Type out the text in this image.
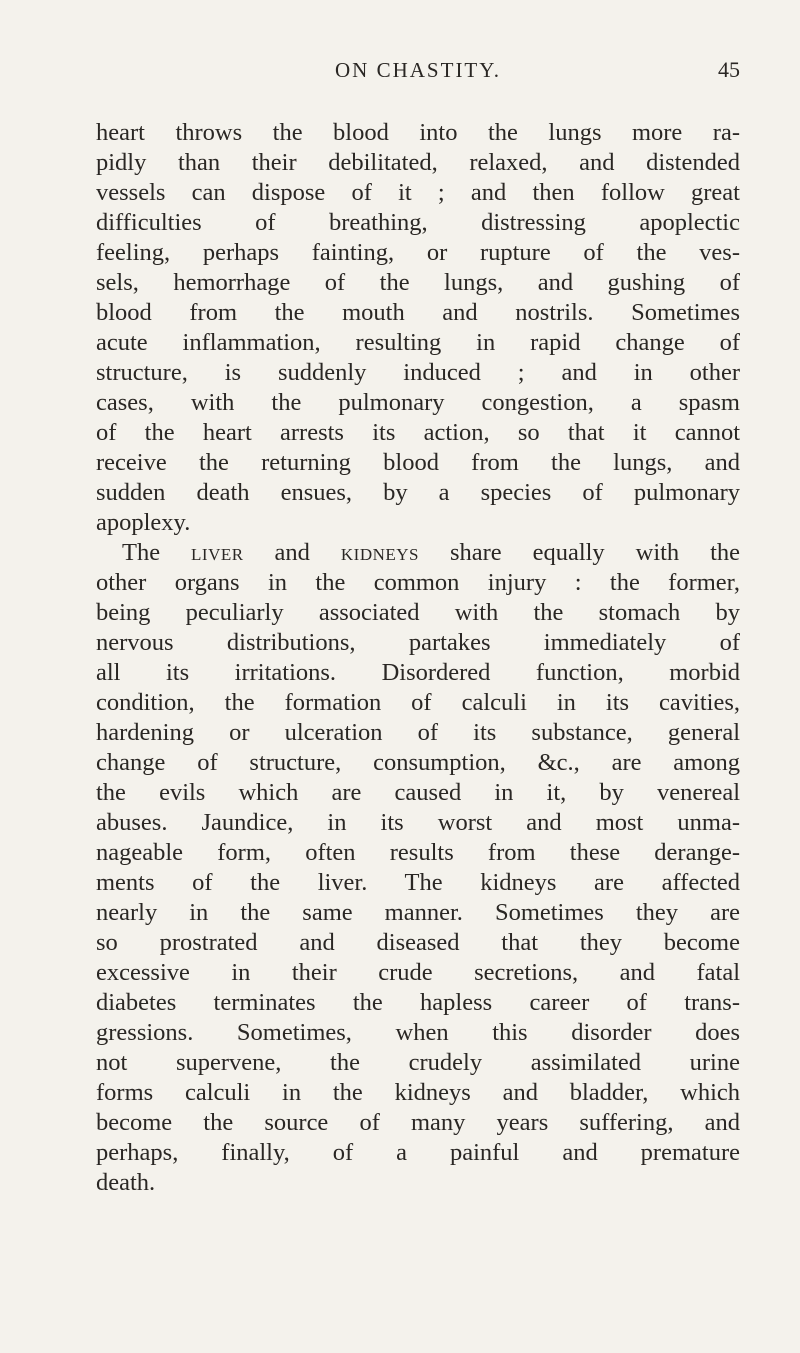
ON CHASTITY.	45
heart throws the blood into the lungs more ra-
pidly than their debilitated, relaxed, and distended
vessels can dispose of it ; and then follow great
difficulties of breathing, distressing apoplectic
feeling, perhaps fainting, or rupture of the ves-
sels, hemorrhage of the lungs, and gushing of
blood from the mouth and nostrils. Sometimes
acute inflammation, resulting in rapid change of
structure, is suddenly induced ; and in other
cases, with the pulmonary congestion, a spasm
of the heart arrests its action, so that it cannot
receive the returning blood from the lungs, and
sudden death ensues, by a species of pulmonary
apoplexy.
The liver and kidneys share equally with the
other organs in the common injury : the former,
being peculiarly associated with the stomach by
nervous distributions, partakes immediately of
all its irritations. Disordered function, morbid
condition, the formation of calculi in its cavities,
hardening or ulceration of its substance, general
change of structure, consumption, &c., are among
the evils which are caused in it, by venereal
abuses. Jaundice, in its worst and most unma-
nageable form, often results from these derange-
ments of the liver. The kidneys are affected
nearly in the same manner. Sometimes they are
so prostrated and diseased that they become
excessive in their crude secretions, and fatal
diabetes terminates the hapless career of trans-
gressions. Sometimes, when this disorder does
not supervene, the crudely assimilated urine
forms calculi in the kidneys and bladder, which
become the source of many years suffering, and
perhaps, finally, of a painful and premature
death.
